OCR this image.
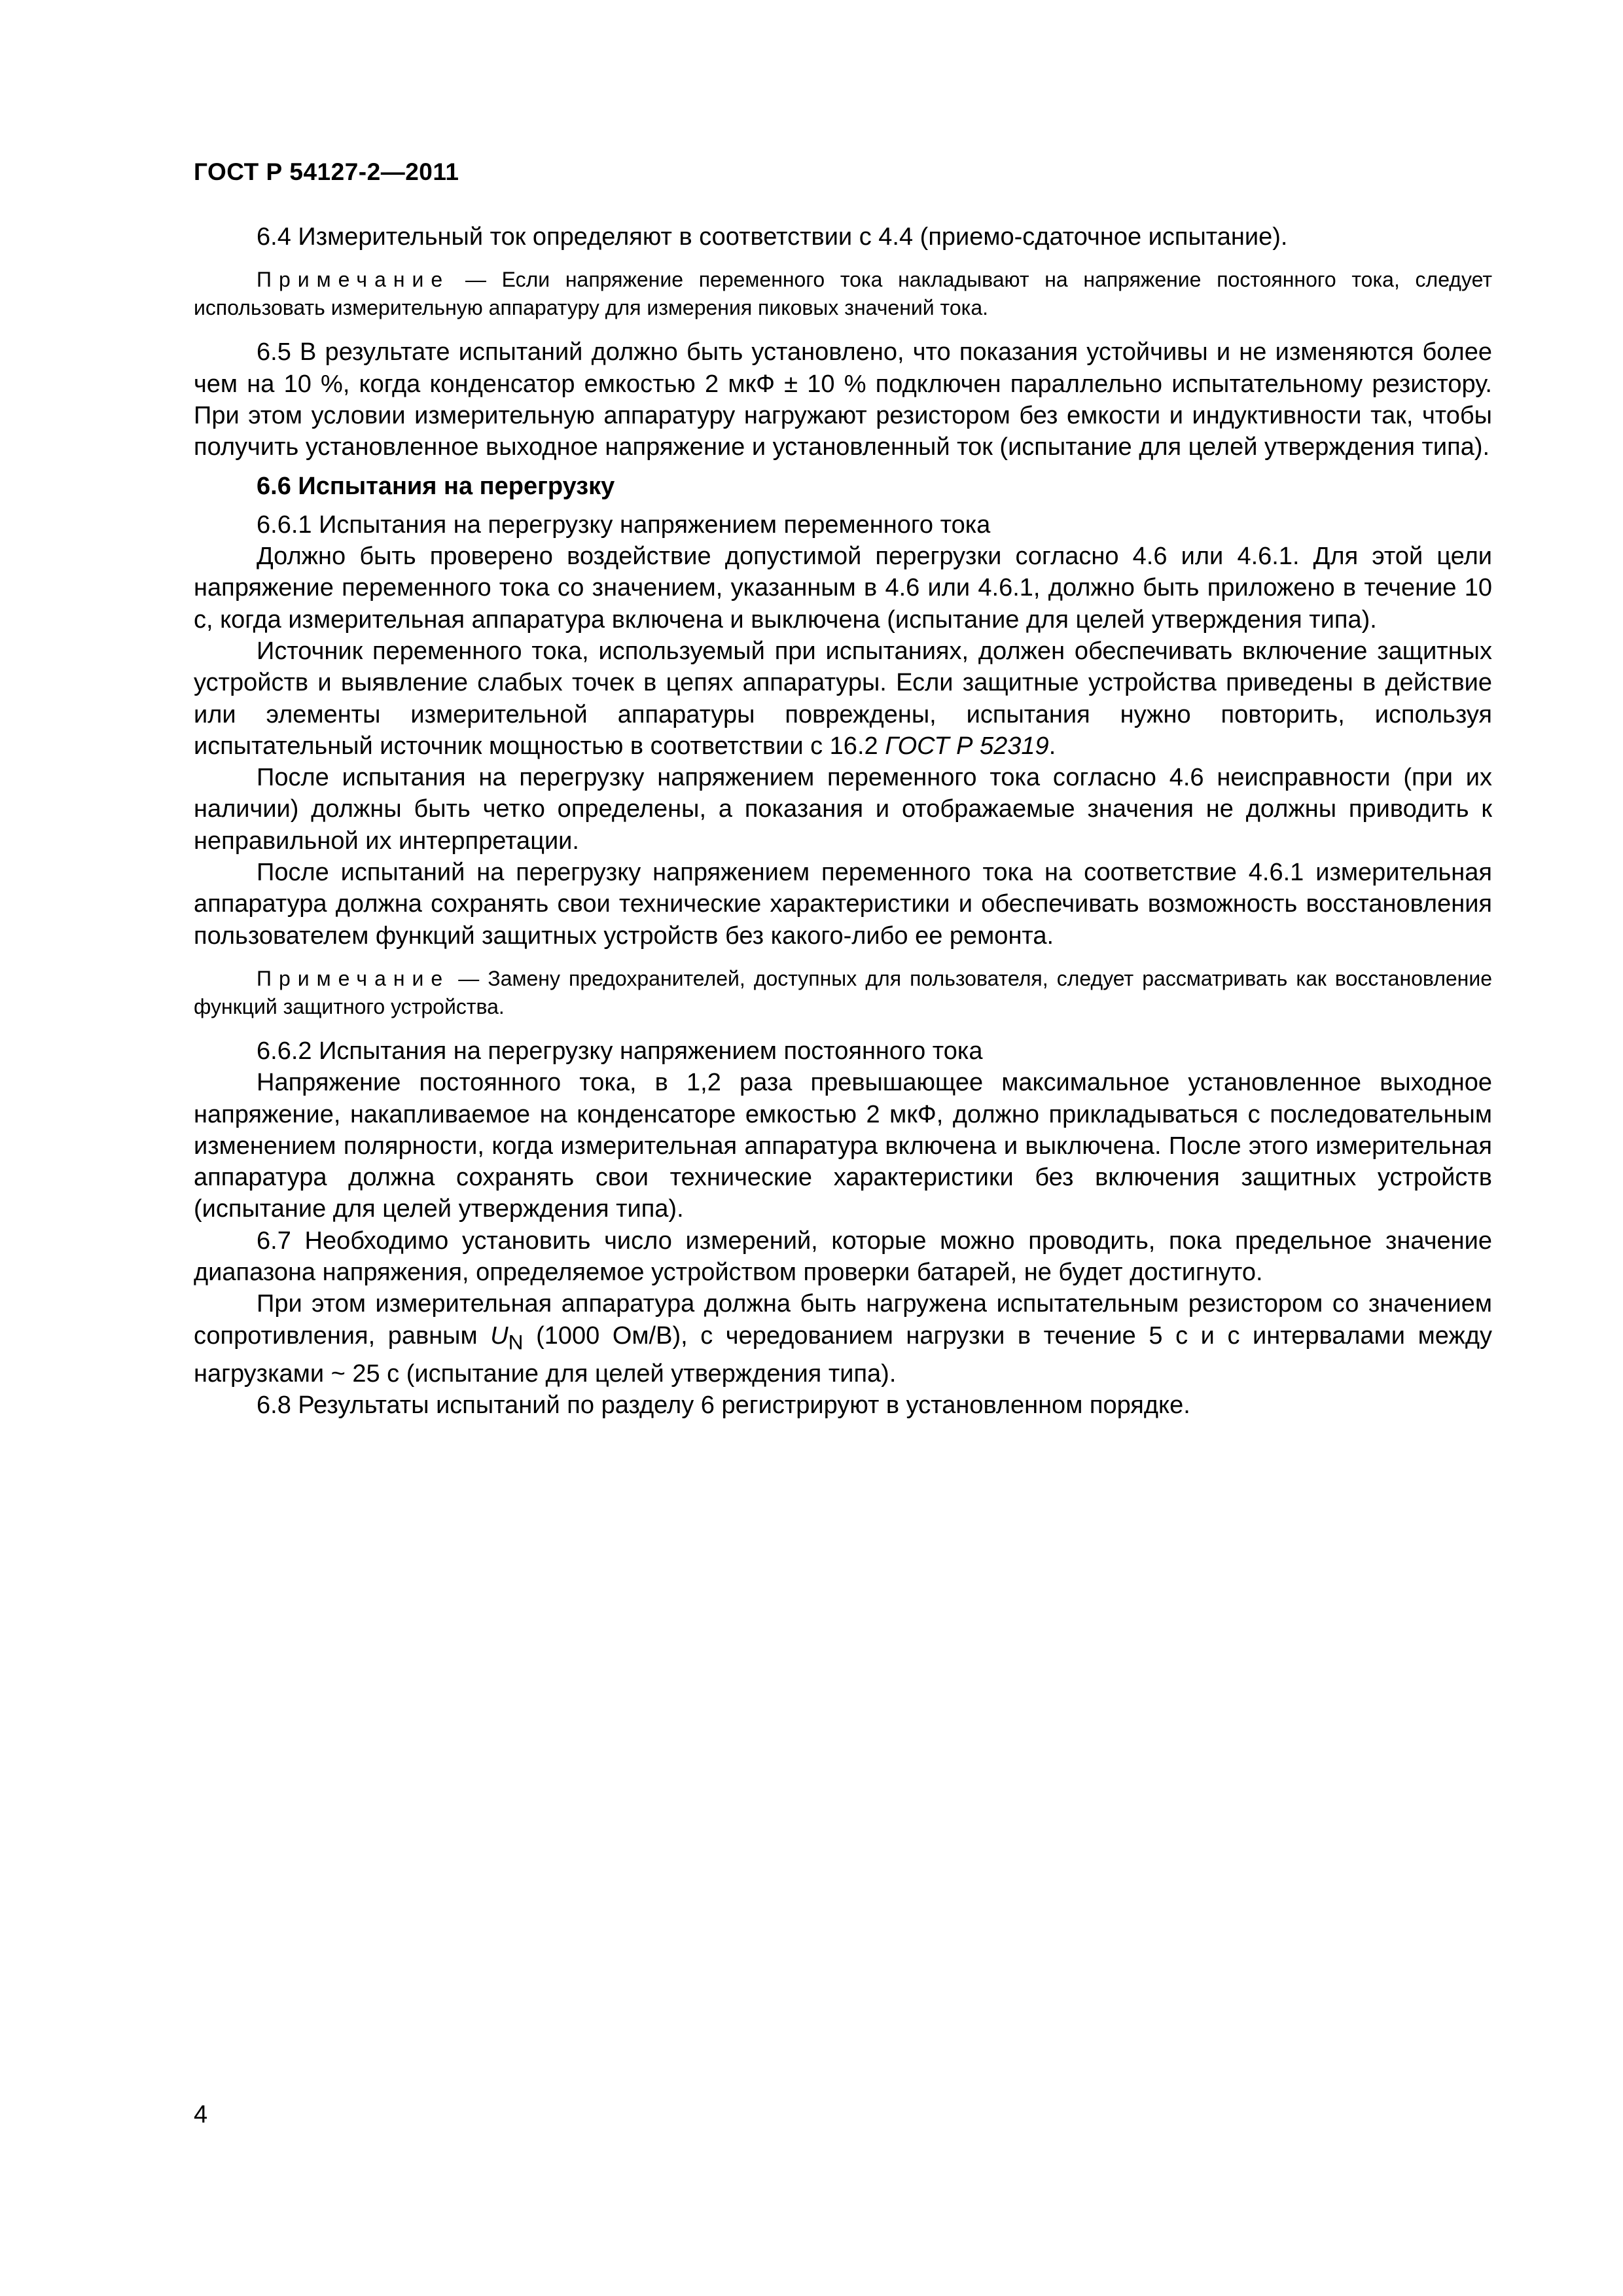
ГОСТ Р 54127-2—2011

6.4 Измерительный ток определяют в соответствии с 4.4 (приемо-сдаточное испытание).

Примечание — Если напряжение переменного тока накладывают на напряжение постоянного тока, следует использовать измерительную аппаратуру для измерения пиковых значений тока.

6.5 В результате испытаний должно быть установлено, что показания устойчивы и не изменяются более чем на 10 %, когда конденсатор емкостью 2 мкФ ± 10 % подключен параллельно испытательному резистору. При этом условии измерительную аппаратуру нагружают резистором без емкости и индуктивности так, чтобы получить установленное выходное напряжение и установленный ток (испытание для целей утверждения типа).

6.6 Испытания на перегрузку

6.6.1 Испытания на перегрузку напряжением переменного тока

Должно быть проверено воздействие допустимой перегрузки согласно 4.6 или 4.6.1. Для этой цели напряжение переменного тока со значением, указанным в 4.6 или 4.6.1, должно быть приложено в течение 10 с, когда измерительная аппаратура включена и выключена (испытание для целей утверждения типа).

Источник переменного тока, используемый при испытаниях, должен обеспечивать включение защитных устройств и выявление слабых точек в цепях аппаратуры. Если защитные устройства приведены в действие или элементы измерительной аппаратуры повреждены, испытания нужно повторить, используя испытательный источник мощностью в соответствии с 16.2 ГОСТ Р 52319.

После испытания на перегрузку напряжением переменного тока согласно 4.6 неисправности (при их наличии) должны быть четко определены, а показания и отображаемые значения не должны приводить к неправильной их интерпретации.

После испытаний на перегрузку напряжением переменного тока на соответствие 4.6.1 измерительная аппаратура должна сохранять свои технические характеристики и обеспечивать возможность восстановления пользователем функций защитных устройств без какого-либо ее ремонта.

Примечание — Замену предохранителей, доступных для пользователя, следует рассматривать как восстановление функций защитного устройства.

6.6.2 Испытания на перегрузку напряжением постоянного тока

Напряжение постоянного тока, в 1,2 раза превышающее максимальное установленное выходное напряжение, накапливаемое на конденсаторе емкостью 2 мкФ, должно прикладываться с последовательным изменением полярности, когда измерительная аппаратура включена и выключена. После этого измерительная аппаратура должна сохранять свои технические характеристики без включения защитных устройств (испытание для целей утверждения типа).

6.7 Необходимо установить число измерений, которые можно проводить, пока предельное значение диапазона напряжения, определяемое устройством проверки батарей, не будет достигнуто.

При этом измерительная аппаратура должна быть нагружена испытательным резистором со значением сопротивления, равным $U_N$ (1000 Ом/В), с чередованием нагрузки в течение 5 с и с интервалами между нагрузками ~ 25 с (испытание для целей утверждения типа).

6.8 Результаты испытаний по разделу 6 регистрируют в установленном порядке.

4
